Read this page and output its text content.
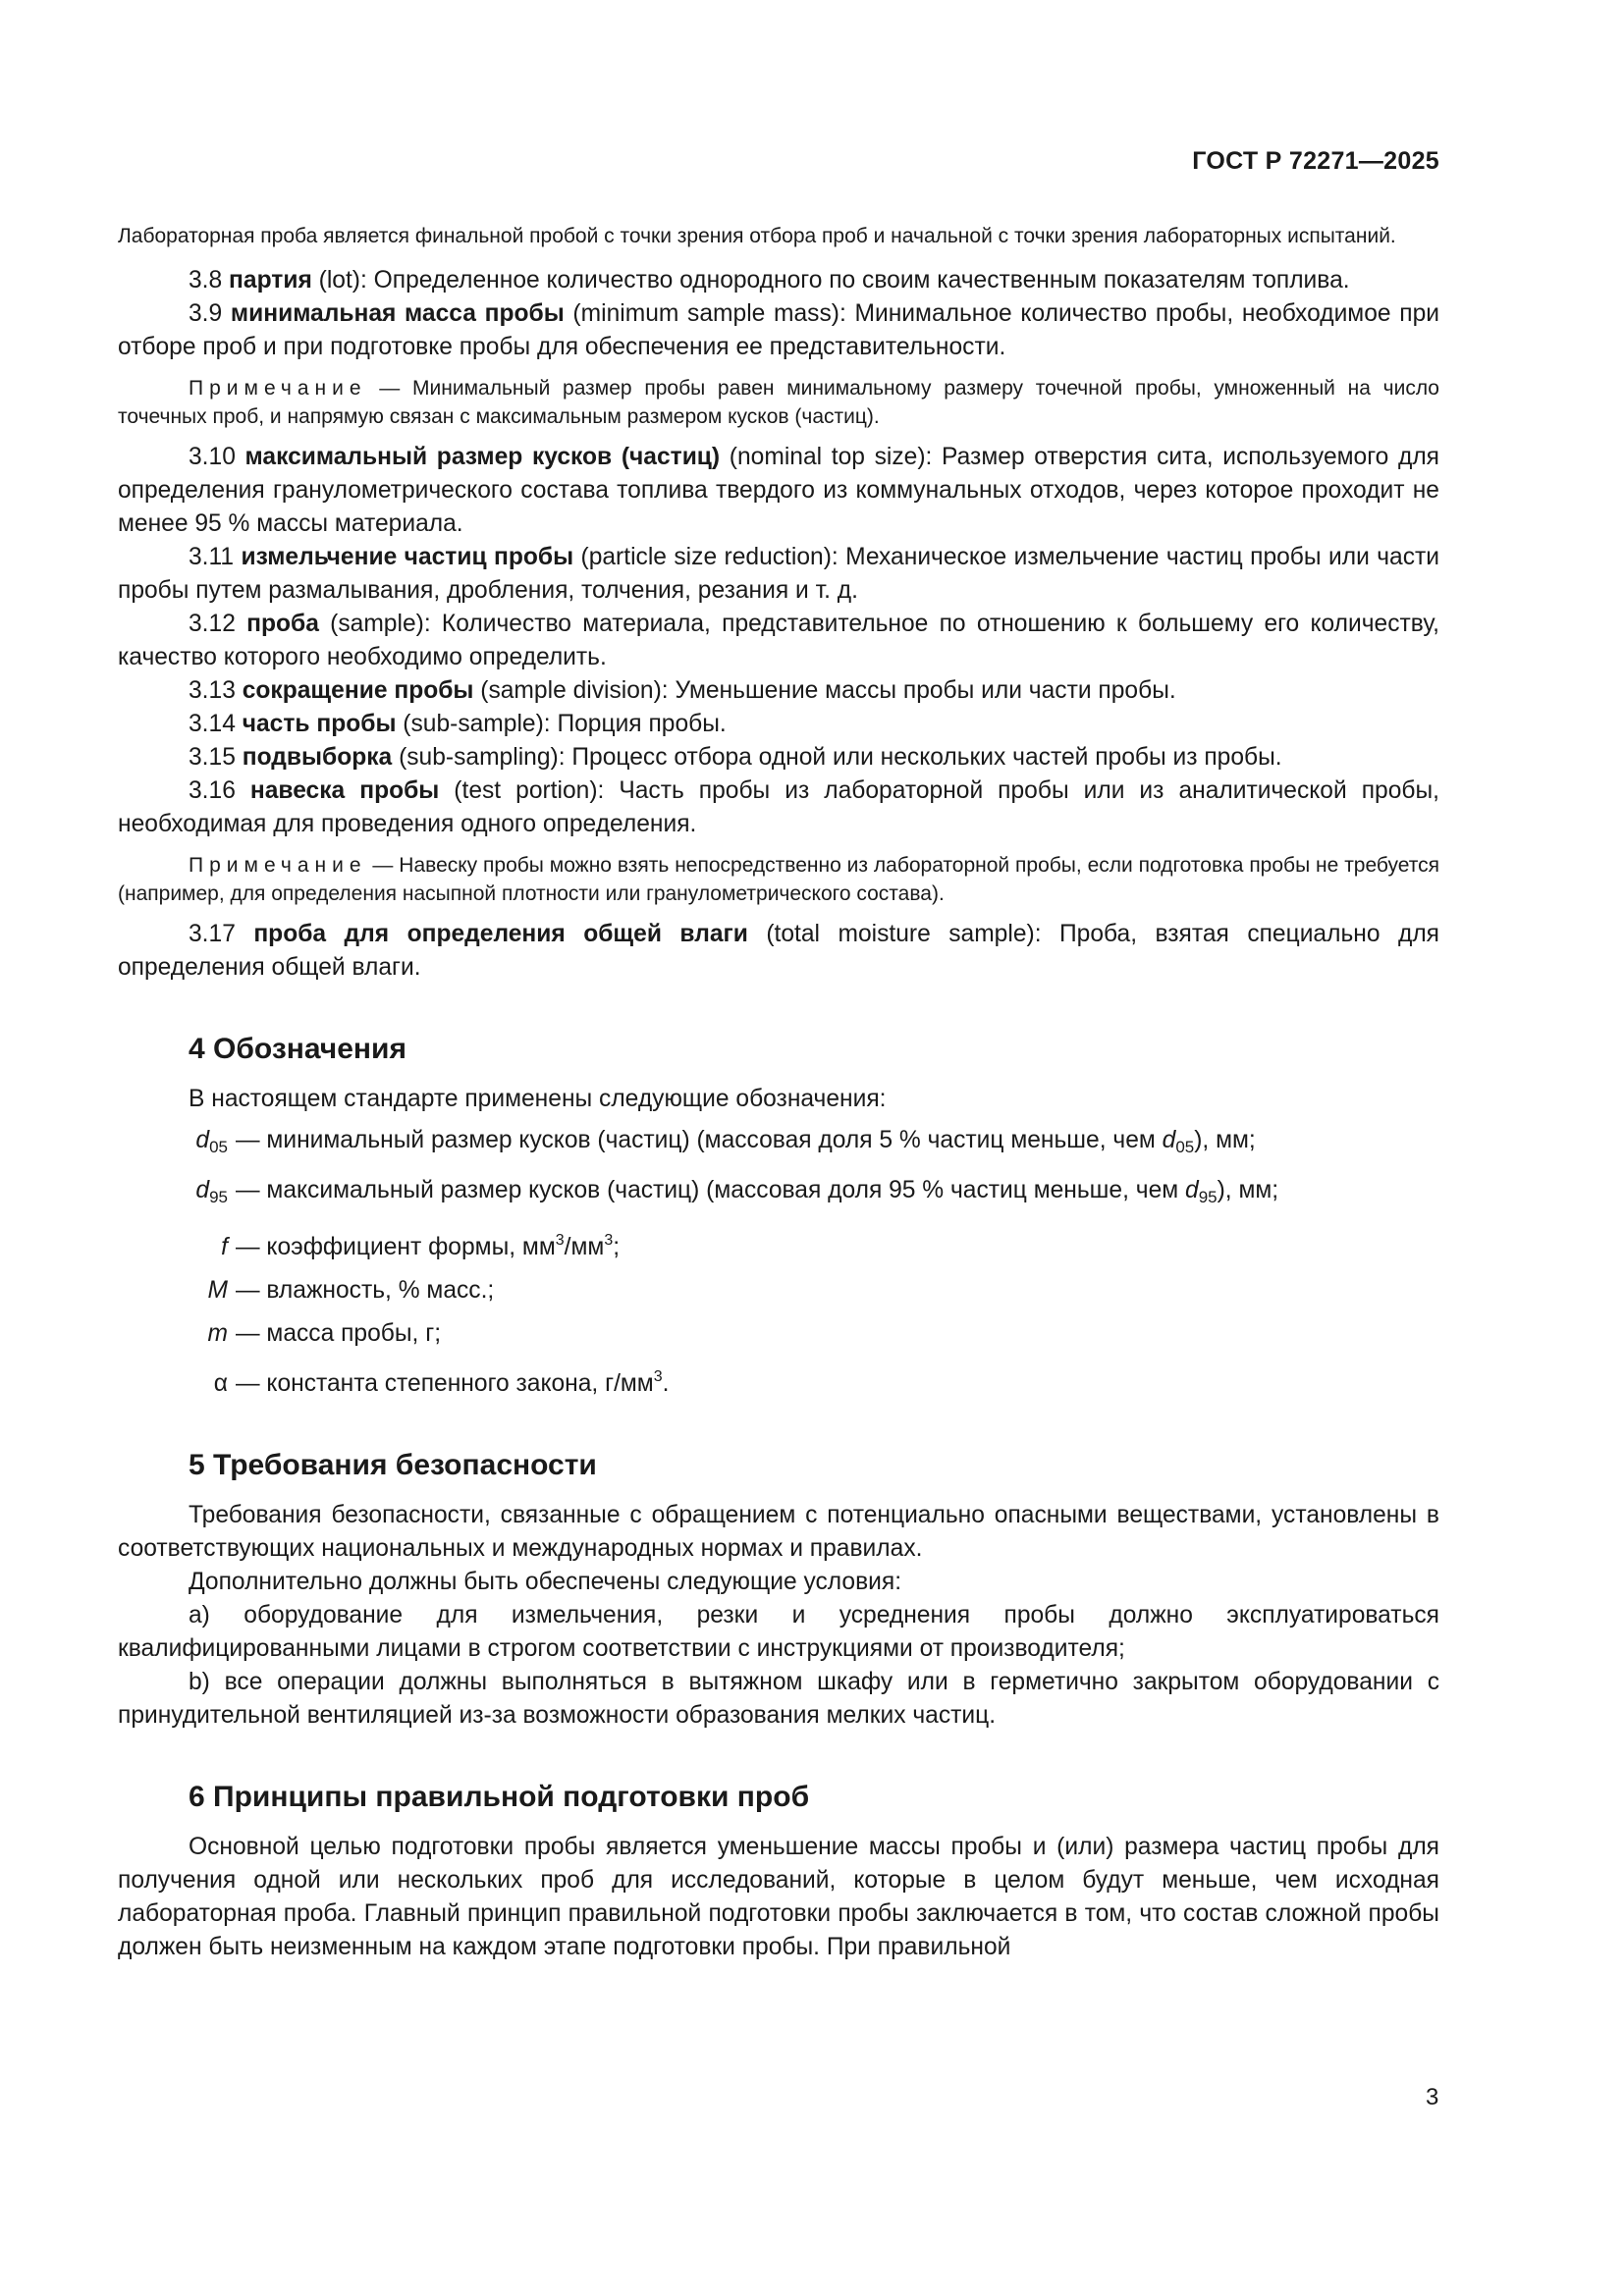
ГОСТ Р 72271—2025

Лабораторная проба является финальной пробой с точки зрения отбора проб и начальной с точки зрения лабораторных испытаний.

3.8 партия (lot): Определенное количество однородного по своим качественным показателям топлива.

3.9 минимальная масса пробы (minimum sample mass): Минимальное количество пробы, необходимое при отборе проб и при подготовке пробы для обеспечения ее представительности.

Примечание — Минимальный размер пробы равен минимальному размеру точечной пробы, умноженный на число точечных проб, и напрямую связан с максимальным размером кусков (частиц).

3.10 максимальный размер кусков (частиц) (nominal top size): Размер отверстия сита, используемого для определения гранулометрического состава топлива твердого из коммунальных отходов, через которое проходит не менее 95 % массы материала.

3.11 измельчение частиц пробы (particle size reduction): Механическое измельчение частиц пробы или части пробы путем размалывания, дробления, толчения, резания и т. д.

3.12 проба (sample): Количество материала, представительное по отношению к большему его количеству, качество которого необходимо определить.

3.13 сокращение пробы (sample division): Уменьшение массы пробы или части пробы.

3.14 часть пробы (sub-sample): Порция пробы.

3.15 подвыборка (sub-sampling): Процесс отбора одной или нескольких частей пробы из пробы.

3.16 навеска пробы (test portion): Часть пробы из лабораторной пробы или из аналитической пробы, необходимая для проведения одного определения.

Примечание — Навеску пробы можно взять непосредственно из лабораторной пробы, если подготовка пробы не требуется (например, для определения насыпной плотности или гранулометрического состава).

3.17 проба для определения общей влаги (total moisture sample): Проба, взятая специально для определения общей влаги.

4 Обозначения

В настоящем стандарте применены следующие обозначения:

$d_{05}$ — минимальный размер кусков (частиц) (массовая доля 5 % частиц меньше, чем $d_{05}$), мм;
$d_{95}$ — максимальный размер кусков (частиц) (массовая доля 95 % частиц меньше, чем $d_{95}$), мм;
f — коэффициент формы, $мм^3/мм^3$;
M — влажность, % масс.;
m — масса пробы, г;
α — константа степенного закона, $г/мм^3$.
5 Требования безопасности

Требования безопасности, связанные с обращением с потенциально опасными веществами, установлены в соответствующих национальных и международных нормах и правилах.

Дополнительно должны быть обеспечены следующие условия:

a) оборудование для измельчения, резки и усреднения пробы должно эксплуатироваться квалифицированными лицами в строгом соответствии с инструкциями от производителя;

b) все операции должны выполняться в вытяжном шкафу или в герметично закрытом оборудовании с принудительной вентиляцией из-за возможности образования мелких частиц.

6 Принципы правильной подготовки проб

Основной целью подготовки пробы является уменьшение массы пробы и (или) размера частиц пробы для получения одной или нескольких проб для исследований, которые в целом будут меньше, чем исходная лабораторная проба. Главный принцип правильной подготовки пробы заключается в том, что состав сложной пробы должен быть неизменным на каждом этапе подготовки пробы. При правильной

3
